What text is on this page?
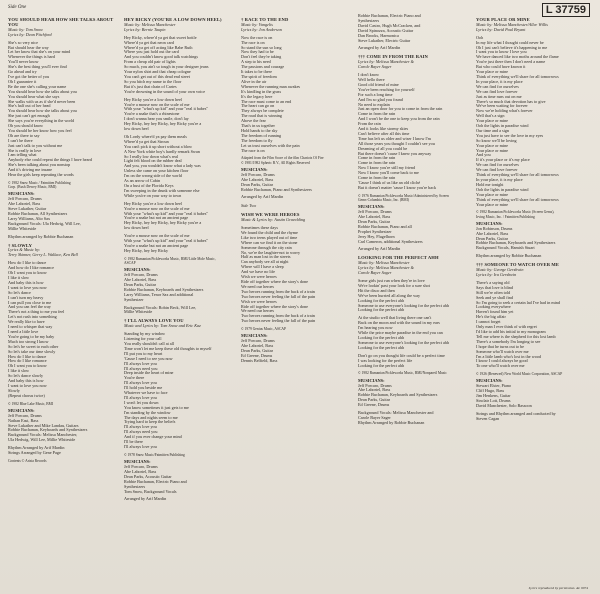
Side One	L 37759
YOU SHOULD HEAR HOW SHE TALKS ABOUT YOU
Music by: Tom Snow
Lyrics by: Dean Pitchford
She's so very nice
But should hear the way
Let her know that she's on your mind
Whenever the things is hard
You'll never know
She's the best thing you'll ever find
Go ahead and try
I've got the better of you
Oh I guarantee it
Be the one she's calling your name
You should hear how she talks about you
You should hear what she says
She walks with us as if she'd never been
She's half out of her head
You should hear how she talks about you
She just can't get enough
She says you're everything in the world
Oh you should know
You should be her know how you feel
Oh are there to say
I can't be there
Just can't talk to you without me
She is really in love
I am telling what
Anybody else could repeat the things I have heard
She's been talking about you nonstop
And it's driving me insane
Hear the girls keep repeating the words
© 1982 Snow Music / Fatmitten Publishing
Corp. (Bush Dewey Music, BMI)
MUSICIANS:
Jeff Porcaro, Drums
Abe Laboriel, Bass
Steve Lukather, Guitar
Robbie Buchanan, All Synthesizers
Larry Williams, Alto Sax
Background Vocals: Ula Hedwig, Will Lee,
Millie Whiteside
Rhythm arranged by Robbie Buchanan
† SLOWLY
Lyrics & Music by:
Terry Skinner, Gerry L. Wallace, Ken Bell
How do I like to dance
And how do I like romance
Oh I want you to know
I like it slow
And baby this is how
I want to love you now
So let's dance
I can't turn my heavy
I can pull you close to me
And you can feel the way
There's not a thing to me you feel
Let's not rush into something
We really like to have
I need to whisper that way
I need a little love
You're going to be my baby
Much too strong I know
So let's be sweet to each other
So let's take our time slowly
How do I like to dance
How do I like romance
Oh I want you to know
I like it slow
So let's dance slowly
And baby this is how
I want to love you now
Slowly
(Repeat chorus twice)
© 1982 Blue Lake Music, BMI
MUSICIANS:
Jeff Porcaro, Drums
Nathan East, Bass
Steve Lukather and Mike Landau, Guitars
Robbie Buchanan, Keyboards and Synthesizers
Background Vocals: Melissa Manchester,
Ula Hedwig, Will Lee, Millie Whiteside
Rhythm Arranged by Arif Mardin
Strings Arranged by Gene Page
Contents © Arista Records
HEY RICKY (YOU'RE A LOW DOWN HEEL)
Music by: Melissa Manchester
Lyrics by: Bernie Taupin
Hey Ricky, where'd ya get that sweet bottle
Where'd ya get that neon card
Where'd ya get off acting like Babe Ruth
Where you just hold out the card
And you couldn't know good talk watchings
From a cheap old pair of lights
So much, you ain't so tough in your designer jeans
Your nylon shirt and that cheap cologne
You can't get out of this dead end street
So you hitch my name to the floor
But it's just that chain of Cartes
You're drowning in the sound of your own voice
Hey Ricky you're a low down heel
You're a mouse now on the scale of me
With your "what's up kid" and your "real it babes"
You're a snake that's a rhinestone
I don't wanna hear you smile, don't lay
Hey Ricky, hey hey Ricky, hey Ricky you're a
low down heel
Oh Lordy where'd ya pay them meals
Where'd ya get that Siroun
You can't pick it up short without a blow
A New York white boy's hardly remark Swan
So I really low down what's real
Light felt blood on the rubber deal
And you, you wouldn't know what a lady was
Unless she came on your kitchen floor
I'm on the wrong side of the world
As an arrow of Cabin
On a bust of the Florida Keys
I'm sweeping in the drunk with someone else
While you're on your way to town
Hey Ricky you're a low down heel
You're a mouse now on the scale of me
With your "what's up kid" and your "real it babes"
You're a snake but not an ancient page
Hey Ricky, hey hey Ricky, hey Ricky you're a
low down heel
You're a mouse now on the scale of me
With your "what's up kid" and your "real it babes"
You're a snake but not an ancient page
Hey Ricky, hey hey Ricky
© 1982 Rumanian Pickleworks Music, BMI/Little Mole Music,
ASCAP
MUSICIANS:
Jeff Porcaro, Drums
Abe Laboriel, Bass
Dean Parks, Guitar
Robbie Buchanan, Keyboards and Synthesizers
Larry Williams, Tenor Sax and additional
Synthesizer
Background Vocals: Robin Beck, Will Lee,
Millie Whiteside
† I'LL ALWAYS LOVE YOU
Music and Lyrics by: Tom Snow and Eric Kaz
Standing by my window
Listening for your call
You really shouldn't call at all
Time won't let me keep these old thoughts to myself
I'll put you to my heart
'Cause I need to see you now
I'll always love you
I'll always need you
Deep inside the heart of mine
You're there
I'll always love you
I'll hold you beside me
Whatever we have to face
I'll always love you
I won't let you down
You know sometimes it just gets to me
I'm standing by the window
The days and nights seem to me
Trying hard to keep the beliefs
I'll always love you
I'll always need you
And if you ever change your mind
I'll be there
I'll always love you
© 1978 Snow Music/Fatmitten Publishing
MUSICIANS:
Jeff Porcaro, Drums
Abe Laboriel, Bass
Dean Parks, Acoustic Guitar
Robbie Buchanan, Electric Piano and
Synthesizers
Tom Snow, Background Vocals
Arranged by Arif Mardin
† RACE TO THE END
Music by: Vangelis
Lyrics by: Jon Anderson
Now the race is on
The race is on
So stand the sun so long
Now they had to be
Don't feel they're taking
A step to his need
The passions and courage
It takes to be there
The spirit of freedom
Alive in the air
Whenever the running man awakes
It's kindling in the grass
It's the legacy here
The race must come to an end
The heart can go on
They always be complete
The road that is winning
Above the fear
That's in us together
Hold hands to the sky
The freedom of running
The freedom to fly
Let us trust ourselves with the pain
The race is on
Adapted from the Film Score of the film Chariots Of Fire
© 1981/1982 Spheric B.V., All Rights Reserved
MUSICIANS:
Jeff Porcaro, Drums
Abe Laboriel, Bass
Dean Parks, Guitar
Robbie Buchanan, Piano and Synthesizers
Arranged by Arif Mardin
Side Two
WISH WE WERE HEROES
Music & Lyrics by: Austin Gravelding
Sometimes these days
We found the child and the rhyme
Like two teens played out of time
Where can we find it on the stone
Someone through the city rain
No, we're the laughter-not to worry
Half as man lost in the streets
Can anybody see all at night
Where will I have a sleep
And we have no life
Wish we were heroes
Ride off together where the story's done
We need our heroes
Two heroes running from the back of a train
Two heroes never feeling the fall of the pain
Wish we were heroes
Ride off together where the story's done
We need our heroes
Two heroes running from the back of a train
Two heroes never feeling the fall of the pain
© 1979 Genius Music, ASCAP
MUSICIANS:
Jeff Porcaro, Drums
Abe Laboriel, Bass
Dean Parks, Guitar
Ed Greene, Drums
Dennis Belfield, Bass
Robbie Buchanan, Electric Piano and
Synthesizers
David Castro, Hugh McCracken, and
David Spinozza, Acoustic Guitar
Dan Brooks, Harmonica
Steve Lukather, Electric Guitar
Arranged by Arif Mardin
††† COME IN FROM THE RAIN
Lyrics by: Melissa Manchester &
Carole Bayer Sager
I don't know
Well hello there
Good old friend of mine
You've been reaching for yourself
For such a long time
And I'm so glad you found
No need to explain
Just an open door for you to come in from the rain
Come in from the rain
And I won't be the one to keep you from the rain
From the rain
And it looks like stormy skies
Can't believe after all this time
Time has left us older and wiser I know I'm
All those years you thought I couldn't see you
Dreaming of all you could be
But there doesn't 'cause I knew you anyway
Come in from the rain
Come in from the rain
Now I know you're still my friend
Now I know you'll come back to me
Come in from the rain
'Cause I think of us like an old cliché
But it doesn't matter 'cause I know you're back
© 1976 Rumanian Pickleworks Music/Administered by Screen
Gems-Columbia Music, Inc. (BMI)
MUSICIANS:
Jeff Porcaro, Drums
Abe Laboriel, Bass
Dean Parks, Guitar
Robbie Buchanan, Piano and all
Prophet Synthesizer
Jerry Hey, Flugelhorn
Carl Cameron, additional Synthesizers
Arranged by Arif Mardin
LOOKING FOR THE PERFECT AHH
Music by: Melissa Manchester
Lyrics by: Melissa Manchester &
Carole Bayer Sager
Some girls just run when they're in love
We're lookin' past your look for a sure shot
Hit the disco and then
We've been hurried all along the way
Looking for the perfect ahh
Someone to use everyone's looking for the perfect ahh
Looking for the perfect ahh
At the studio well that living there one can't
Back on the moon and with the sound in my ears
I'm hearing you now
While the price maybe paradise in the end you can
Looking for the perfect ahh
Someone to use everyone's looking for the perfect ahh
Looking for the perfect ahh
Don't go on you thought life could be a perfect time
I was looking for the perfect life
Looking for the perfect ahh
© 1982 Rumanian Pickleworks Music, BMI/Nonpareil Music
MUSICIANS:
Jeff Porcaro, Drums
Abe Laboriel, Bass
Robbie Buchanan, Keyboards and Synthesizers
Dean Parks, Guitar
Ed Greene, Drums
Background Vocals: Melissa Manchester and
Carole Bayer Sager
Rhythm Arranged by Robbie Buchanan
YOUR PLACE OR MINE
Music by: Melissa Manchester/Allee Willis
Lyrics by: David Paul Bryant
Ooh
In my life what I thought could never be
Oh I just can't believe it's happening to me
I want you to know I love you
We have danced like two moths around the flame
You're just there then I don't need a name
But who could have known it
Your place or mine
Think of everything we'll share for all tomorrows
In your place, it is my place
We can find for ourselves
We can find love forever
Just as time runs out on me
There's so much that devotion has to give
We've been waiting for forever
Now we're holding what's forever
Well that's a sign
Your place or mine
Ooh the lights in paradise wind
Our time and a sign
You just have to see the love in my eyes
So know we'll be loving
Your place or mine
Your place or mine
And you
If it's your place or it's my place
We can find for ourselves
We can find love forever
Think of everything we'll share for all tomorrows
In your place, it is my place
Hold me tonight
Ooh the lights in paradise wind
Your place or mine
Think of everything we'll share for all tomorrows
Your place or mine
© 1982 Rumanian Pickleworks Music (Screen Gems),
Irving Music, Inc. / Fatmitten Publishing
MUSICIANS:
Jon Robinson, Drums
Abe Laboriel, Bass
Dean Parks, Guitar
Robbie Buchanan, Keyboards and Synthesizers
Background Vocals, Hamish Stuart
Rhythm arranged by Robbie Buchanan
††† SOMEONE TO WATCH OVER ME
Music by: George Gershwin
Lyrics by: Ira Gershwin
There's a saying old
Says that love is blind
Still we're often told
Seek and ye shall find
So I'm going to seek a certain lad I've had in mind
Looking everywhere
Haven't found him yet
He's the big affair
I cannot forget
Only man I ever think of with regret
I'd like to add his initial to my monogram
Tell me where is the shepherd for this lost lamb
There's a somebody I'm longing to see
I hope that he turns out to be
Someone who'll watch over me
I'm a little lamb who's lost in the wood
I know I could always be good
To one who'll watch over me
© 1926 (Renewed) New World Music Corporation, ASCAP
MUSICIANS:
Stewart Elster, Piano
Cliff Hugo, Bass
Jim Henkens, Guitar
Sinclair Lott, Drums
David Manchester, Solo Bassoon
Strings and Rhythm arranged and conducted by
Steven Cagan
Lyrics reproduced by permission. AL 9074
